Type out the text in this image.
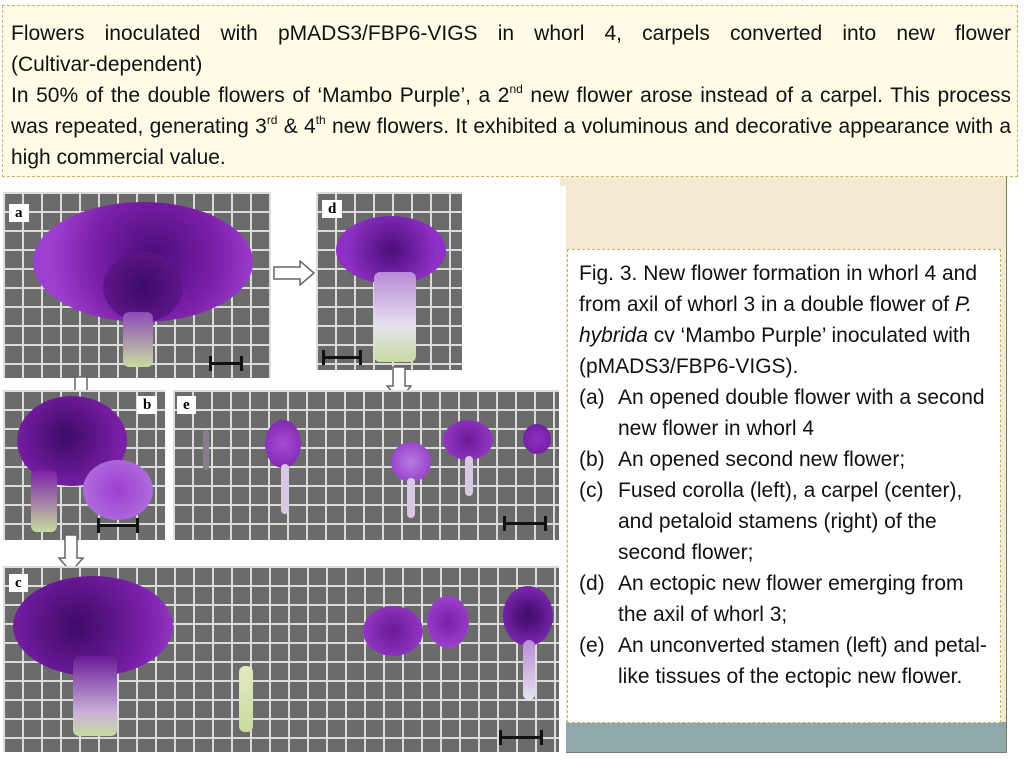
Flowers inoculated with pMADS3/FBP6-VIGS in whorl 4, carpels converted into new flower

(Cultivar-dependent)

In 50% of the double flowers of ‘Mambo Purple’, a 2nd new flower arose instead of a carpel. This process was repeated, generating 3rd & 4th new flowers. It exhibited a voluminous and decorative appearance with a high commercial value.

a	d
b	e
c

Fig. 3. New flower formation in whorl 4 and from axil of whorl 3 in a double flower of P. hybrida cv ‘Mambo Purple’ inoculated with (pMADS3/FBP6-VIGS).

(a) An opened double flower with a second new flower in whorl 4
(b) An opened second new flower;
(c) Fused corolla (left), a carpel (center), and petaloid stamens (right) of the second flower;
(d) An ectopic new flower emerging from the axil of whorl 3;
(e) An unconverted stamen (left) and petal-like tissues of the ectopic new flower.
